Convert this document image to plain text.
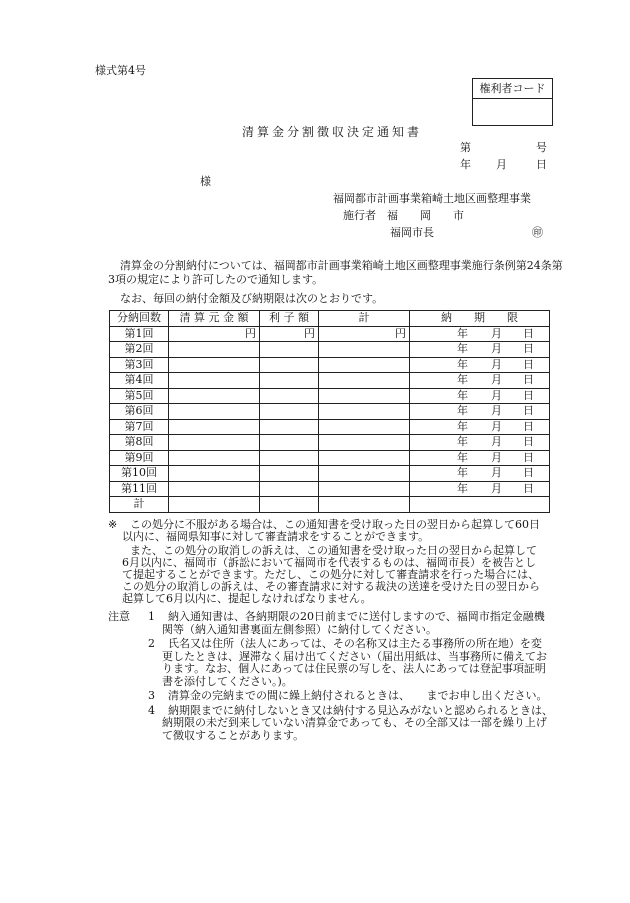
様式第4号
権利者コード
清算金分割徴収決定通知書
第	号
年 月	日
様
福岡都市計画事業箱崎土地区画整理事業
施行者　福　　岡　　市
福岡市長	㊞
清算金の分割納付については、福岡都市計画事業箱崎土地区画整理事業施行条例第24条第3項の規定により許可したので通知します。
なお、毎回の納付金額及び納期限は次のとおりです。
分納回数	清 算 元 金 額	利 子 額	計	納　　期　　限
第1回	円	円	円	年 月 日

第2回				年 月 日

第3回				年 月 日

第4回				年 月 日

第5回				年 月 日

第6回				年 月 日

第7回				年 月 日

第8回				年 月 日

第9回				年 月 日

第10回				年 月 日

第11回				年 月 日

計				
※ この処分に不服がある場合は、この通知書を受け取った日の翌日から起算して60日
以内に、福岡県知事に対して審査請求をすることができます。
また、この処分の取消しの訴えは、この通知書を受け取った日の翌日から起算して
6月以内に、福岡市（訴訟において福岡市を代表するものは、福岡市長）を被告とし
て提起することができます。ただし、この処分に対して審査請求を行った場合には、
この処分の取消しの訴えは、その審査請求に対する裁決の送達を受けた日の翌日から
起算して6月以内に、提起しなければなりません。
注意 1 納入通知書は、各納期限の20日前までに送付しますので、福岡市指定金融機
関等（納入通知書裏面左側参照）に納付してください。
2 氏名又は住所（法人にあっては、その名称又は主たる事務所の所在地）を変
更したときは、遅滞なく届け出てください（届出用紙は、当事務所に備えてお
ります。なお、個人にあっては住民票の写しを、法人にあっては登記事項証明
書を添付してください。)。
3 清算金の完納までの間に繰上納付されるときは、　　までお申し出ください。
4 納期限までに納付しないとき又は納付する見込みがないと認められるときは、
納期限の未だ到来していない清算金であっても、その全部又は一部を繰り上げ
て徴収することがあります。
